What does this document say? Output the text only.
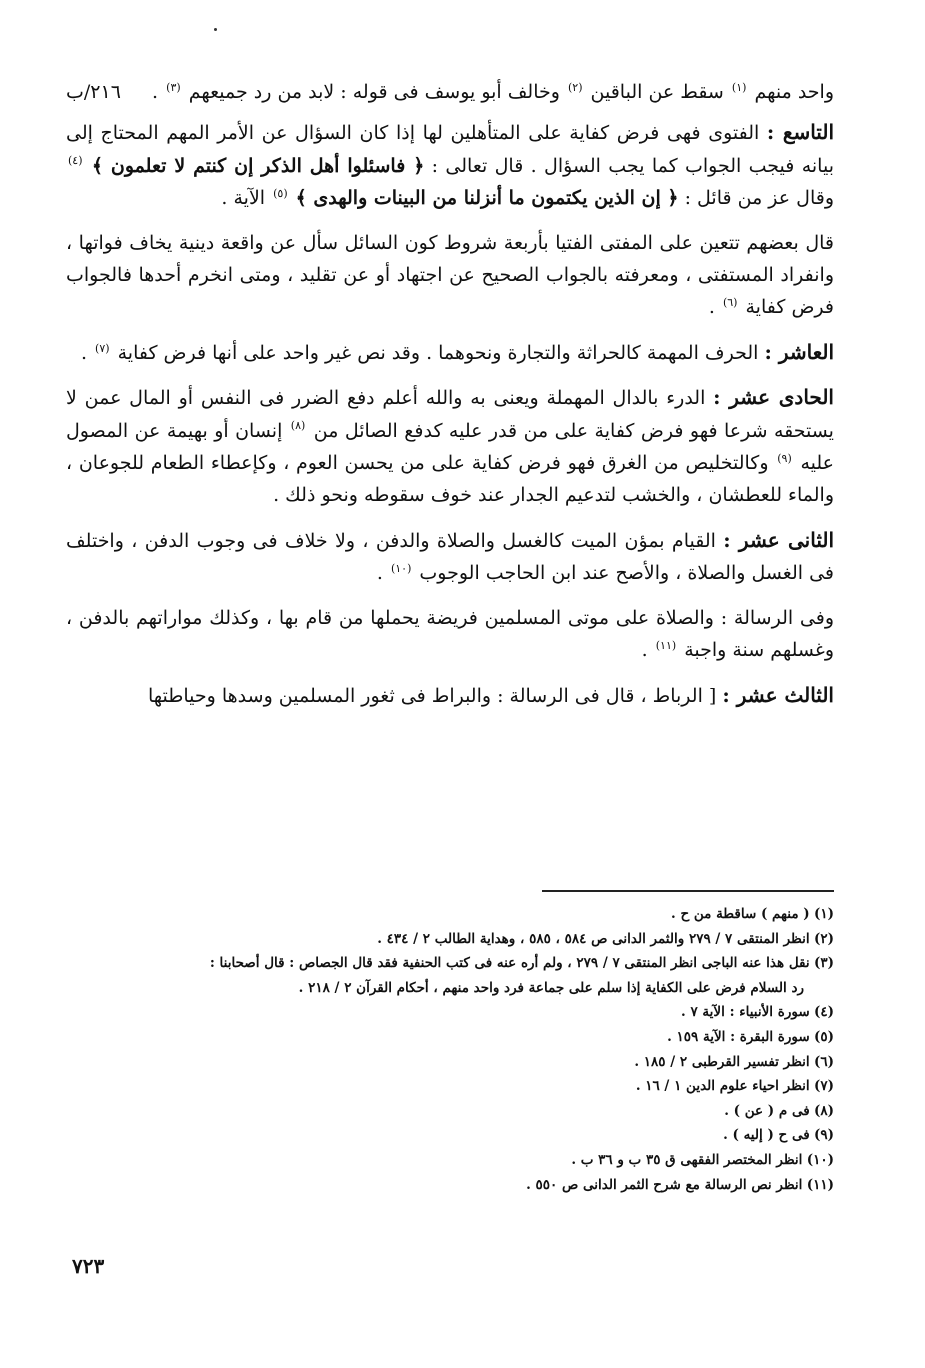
٢١٦/ب	واحد منهم $^{(١)}$ سقط عن الباقين $^{(٢)}$ وخالف أبو يوسف فى قوله : لابد من رد جميعهم $^{(٣)}$ .

التاسع : الفتوى فهى فرض كفاية على المتأهلين لها إذا كان السؤال عن الأمر المهم المحتاج إلى بيانه فيجب الجواب كما يجب السؤال . قال تعالى : ﴿ فاسئلوا أهل الذكر إن كنتم لا تعلمون ﴾ $^{(٤)}$ وقال عز من قائل : ﴿ إن الذين يكتمون ما أنزلنا من البينات والهدى ﴾ $^{(٥)}$ الآية .

قال بعضهم تتعين على المفتى الفتيا بأربعة شروط كون السائل سأل عن واقعة دينية يخاف فواتها ، وانفراد المستفتى ، ومعرفته بالجواب الصحيح عن اجتهاد أو عن تقليد ، ومتى انخرم أحدها فالجواب فرض كفاية $^{(٦)}$ .

العاشر : الحرف المهمة كالحراثة والتجارة ونحوهما . وقد نص غير واحد على أنها فرض كفاية $^{(٧)}$ .

الحادى عشر : الدرء بالدال المهملة ويعنى به والله أعلم دفع الضرر فى النفس أو المال عمن لا يستحقه شرعا فهو فرض كفاية على من قدر عليه كدفع الصائل من $^{(٨)}$ إنسان أو بهيمة عن المصول عليه $^{(٩)}$ وكالتخليص من الغرق فهو فرض كفاية على من يحسن العوم ، وكإعطاء الطعام للجوعان ، والماء للعطشان ، والخشب لتدعيم الجدار عند خوف سقوطه ونحو ذلك .

الثانى عشر : القيام بمؤن الميت كالغسل والصلاة والدفن ، ولا خلاف فى وجوب الدفن ، واختلف فى الغسل والصلاة ، والأصح عند ابن الحاجب الوجوب $^{(١٠)}$ .

وفى الرسالة : والصلاة على موتى المسلمين فريضة يحملها من قام بها ، وكذلك مواراتهم بالدفن ، وغسلهم سنة واجبة $^{(١١)}$ .

الثالث عشر : [ الرباط ، قال فى الرسالة : والبراط فى ثغور المسلمين وسدها وحياطتها

(١) ( منهم ) ساقطة من ح .
(٢) انظر المنتقى ٧ / ٢٧٩ والثمر الدانى ص ٥٨٤ ، ٥٨٥ ، وهداية الطالب ٢ / ٤٣٤ .
(٣) نقل هذا عنه الباجى انظر المنتقى ٧ / ٢٧٩ ، ولم أره عنه فى كتب الحنفية فقد قال الجصاص : قال أصحابنا :
رد السلام فرض على الكفاية إذا سلم على جماعة فرد واحد منهم ، أحكام القرآن ٢ / ٢١٨ .
(٤) سورة الأنبياء : الآية ٧ .
(٥) سورة البقرة : الآية ١٥٩ .
(٦) انظر تفسير القرطبى ٢ / ١٨٥ .
(٧) انظر احياء علوم الدين ١ / ١٦ .
(٨) فى م ( عن ) .
(٩) فى ح ( إليه ) .
(١٠) انظر المختصر الفقهى ق ٣٥ ب و ٣٦ ب .
(١١) انظر نص الرسالة مع شرح الثمر الدانى ص ٥٥٠ .
٧٢٣
